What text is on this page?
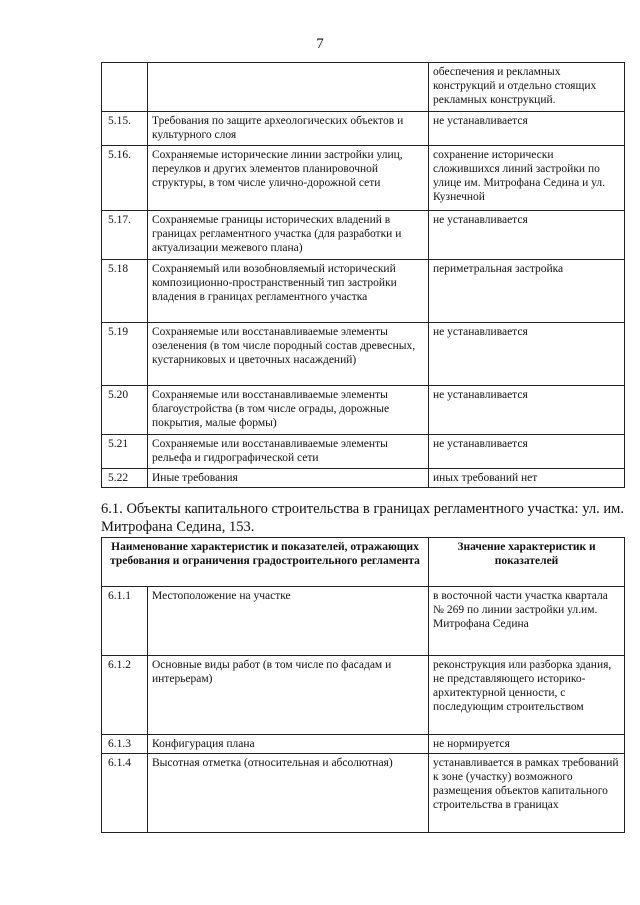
7
		обеспечения и рекламных конструкций и отдельно стоящих рекламных конструкций.
5.15.	Требования по защите археологических объектов и культурного слоя	не устанавливается
5.16.	Сохраняемые исторические линии застройки улиц, переулков и других элементов планировочной структуры, в том числе улично-дорожной сети	сохранение исторически сложившихся линий застройки по улице им. Митрофана Седина и ул. Кузнечной
5.17.	Сохраняемые границы исторических владений в границах регламентного участка (для разработки и актуализации межевого плана)	не устанавливается
5.18	Сохраняемый или возобновляемый исторический композиционно-пространственный тип застройки владения в границах регламентного участка	периметральная застройка
5.19	Сохраняемые или восстанавливаемые элементы озеленения (в том числе породный состав древесных, кустарниковых и цветочных насаждений)	не устанавливается
5.20	Сохраняемые или восстанавливаемые элементы благоустройства (в том числе ограды, дорожные покрытия, малые формы)	не устанавливается
5.21	Сохраняемые или восстанавливаемые элементы рельефа и гидрографической сети	не устанавливается
5.22	Иные требования	иных требований нет

6.1. Объекты капитального строительства в границах регламентного участка: ул. им. Митрофана Седина, 153.

Наименование характеристик и показателей, отражающих требования и ограничения градостроительного регламента		Значение характеристик и показателей
6.1.1	Местоположение на участке	в восточной части участка квартала № 269 по линии застройки ул.им. Митрофана Седина
6.1.2	Основные виды работ (в том числе по фасадам и интерьерам)	реконструкция или разборка здания, не представляющего историко-архитектурной ценности, с последующим строительством
6.1.3	Конфигурация плана	не нормируется
6.1.4	Высотная отметка (относительная и абсолютная)	устанавливается в рамках требований к зоне (участку) возможного размещения объектов капитального строительства в границах
